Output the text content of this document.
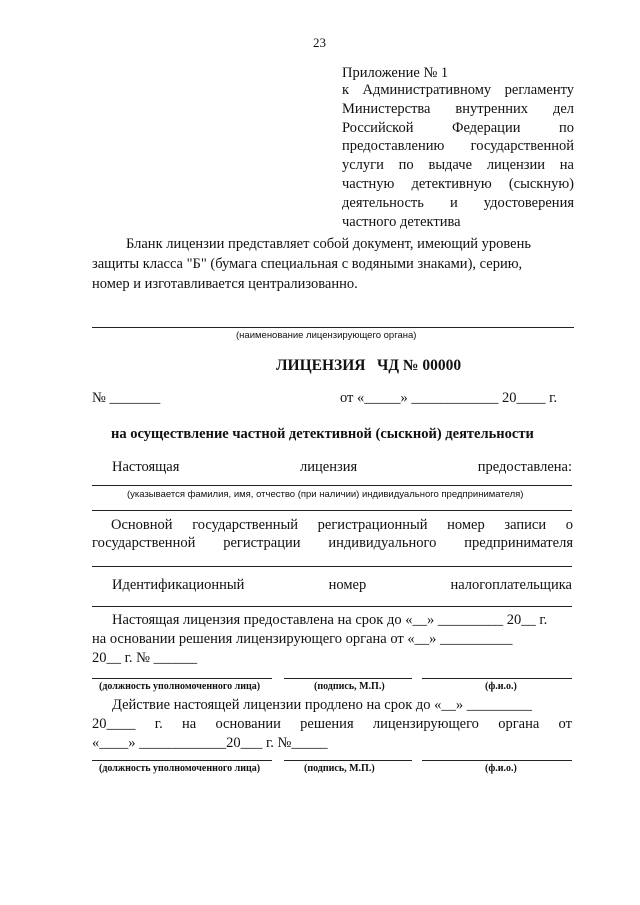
23
Приложение № 1
к Административному регламенту
Министерства внутренних дел
Российской	Федерации	по
предоставлению государственной
услуги по выдаче лицензии на
частную детективную (сыскную)
деятельность и удостоверения
частного детектива
Бланк лицензии представляет собой документ, имеющий уровень
защиты класса "Б" (бумага специальная с водяными знаками), серию,
номер и изготавливается централизованно.
(наименование лицензирующего органа)
ЛИЦЕНЗИЯ ЧД № 00000
№ _______	от «_____» ____________ 20____ г.
на осуществление частной детективной (сыскной) деятельности
Настоящая	лицензия	предоставлена:
(указывается фамилия, имя, отчество (при наличии) индивидуального предпринимателя)
Основной государственный регистрационный номер записи о
государственной регистрации индивидуального предпринимателя
Идентификационный	номер	налогоплательщика
Настоящая лицензия предоставлена на срок до «__» _________ 20__ г.
на основании решения лицензирующего органа от «__» __________
20__ г. № ______
(должность уполномоченного лица)	(подпись, М.П.)	(ф.и.о.)
Действие настоящей лицензии продлено на срок до «__» _________
20____ г. на основании решения лицензирующего органа от
«____» ____________20___ г. №_____
(должность уполномоченного лица)	(подпись, М.П.)	(ф.и.о.)
